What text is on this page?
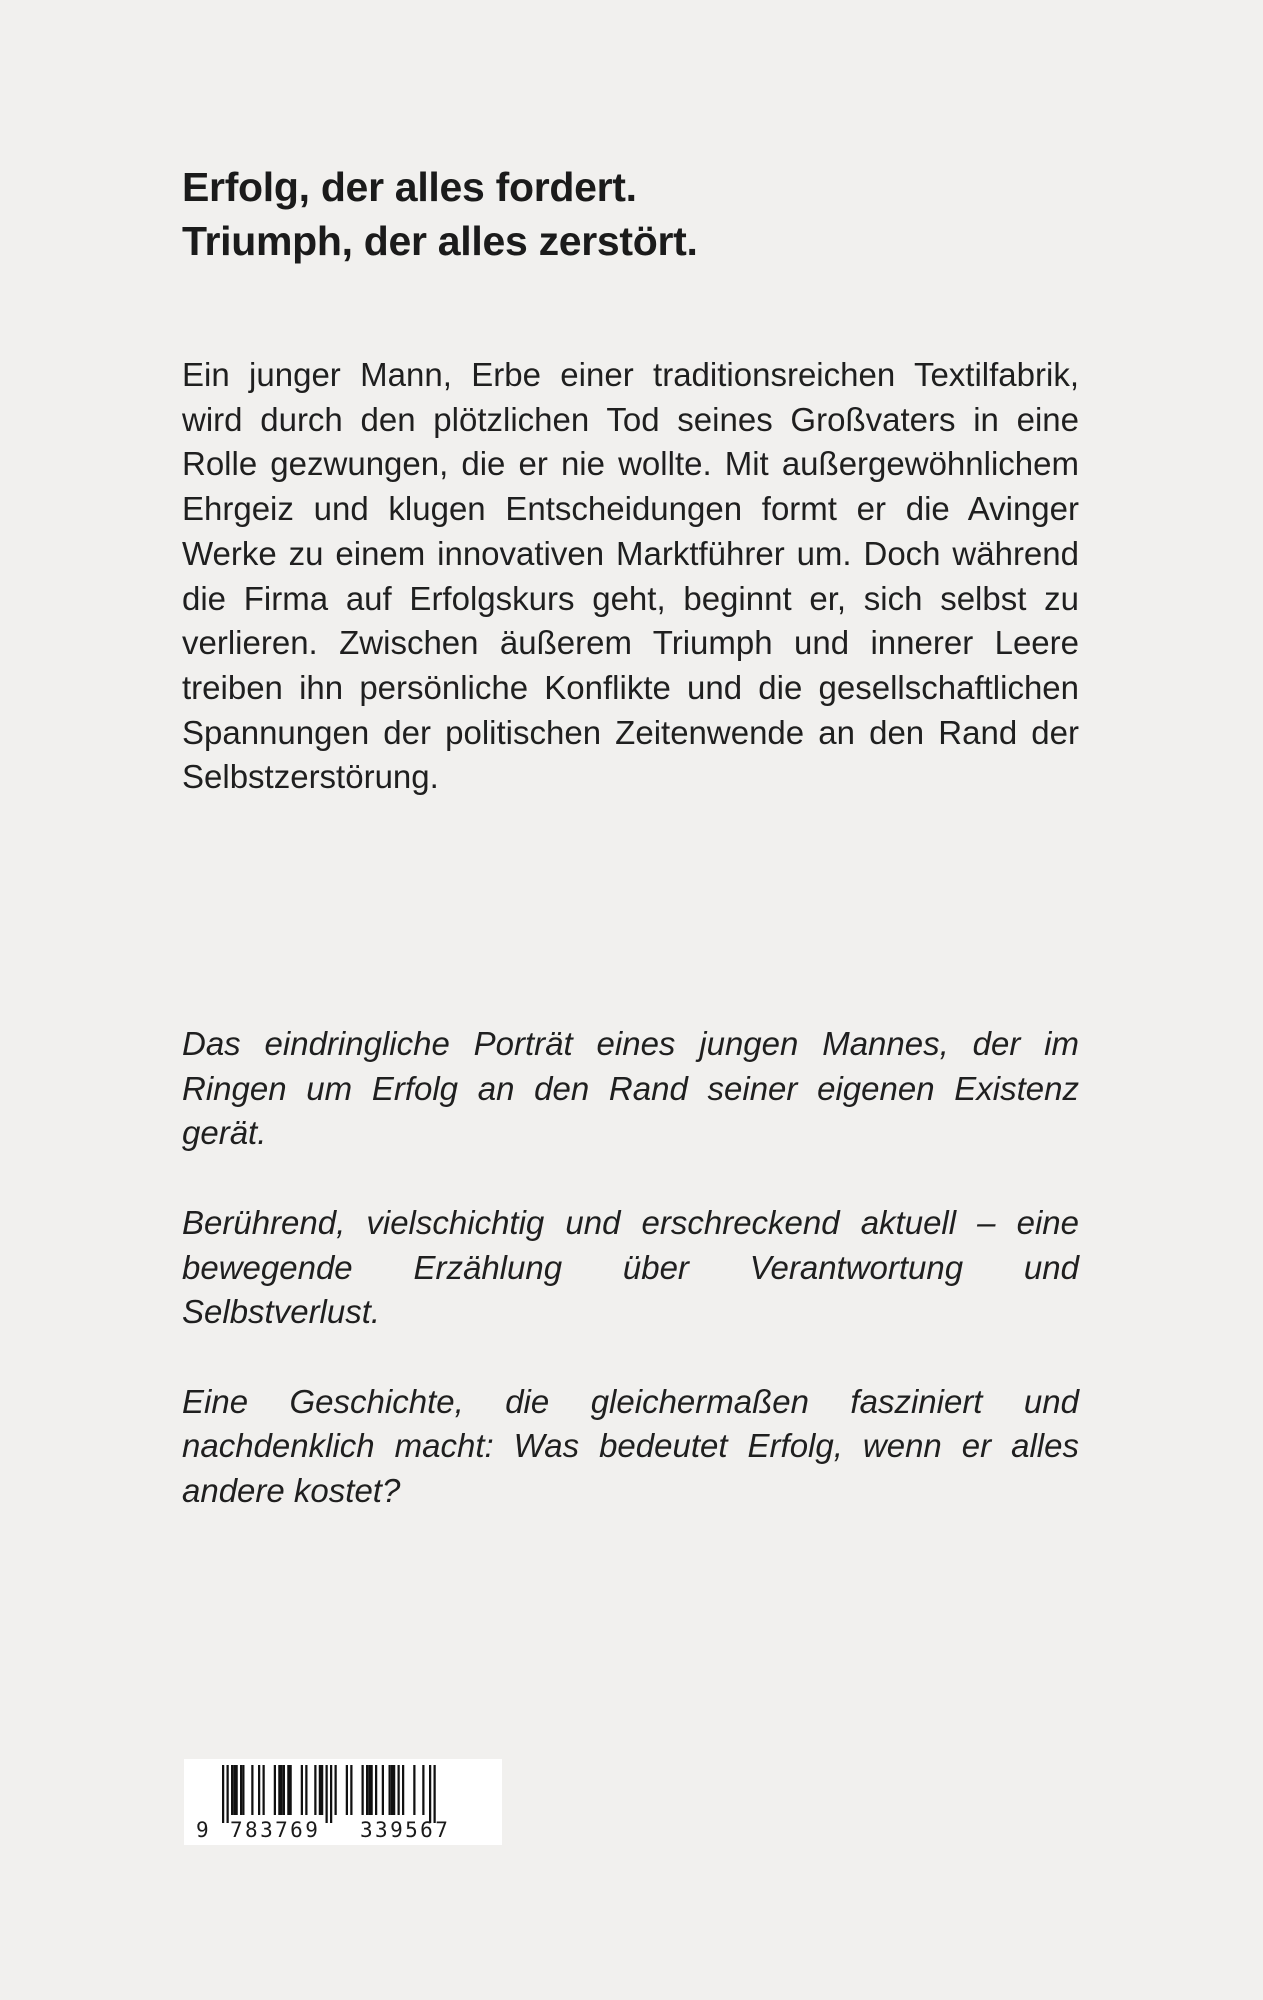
Erfolg, der alles fordert.
Triumph, der alles zerstört.

Ein junger Mann, Erbe einer traditionsreichen Textilfabrik, wird durch den plötzlichen Tod seines Großvaters in eine Rolle gezwungen, die er nie wollte. Mit außergewöhnlichem Ehrgeiz und klugen Entscheidungen formt er die Avinger Werke zu einem innovativen Marktführer um. Doch während die Firma auf Erfolgskurs geht, beginnt er, sich selbst zu verlieren. Zwischen äußerem Triumph und innerer Leere treiben ihn persönliche Konflikte und die gesellschaftlichen Spannungen der politischen Zeitenwende an den Rand der Selbstzerstörung.

Das eindringliche Porträt eines jungen Mannes, der im Ringen um Erfolg an den Rand seiner eigenen Existenz gerät.

Berührend, vielschichtig und erschreckend aktuell – eine bewegende Erzählung über Verantwortung und Selbstverlust.

Eine Geschichte, die gleichermaßen fasziniert und nachdenklich macht: Was bedeutet Erfolg, wenn er alles andere kostet?

9 783769 339567
